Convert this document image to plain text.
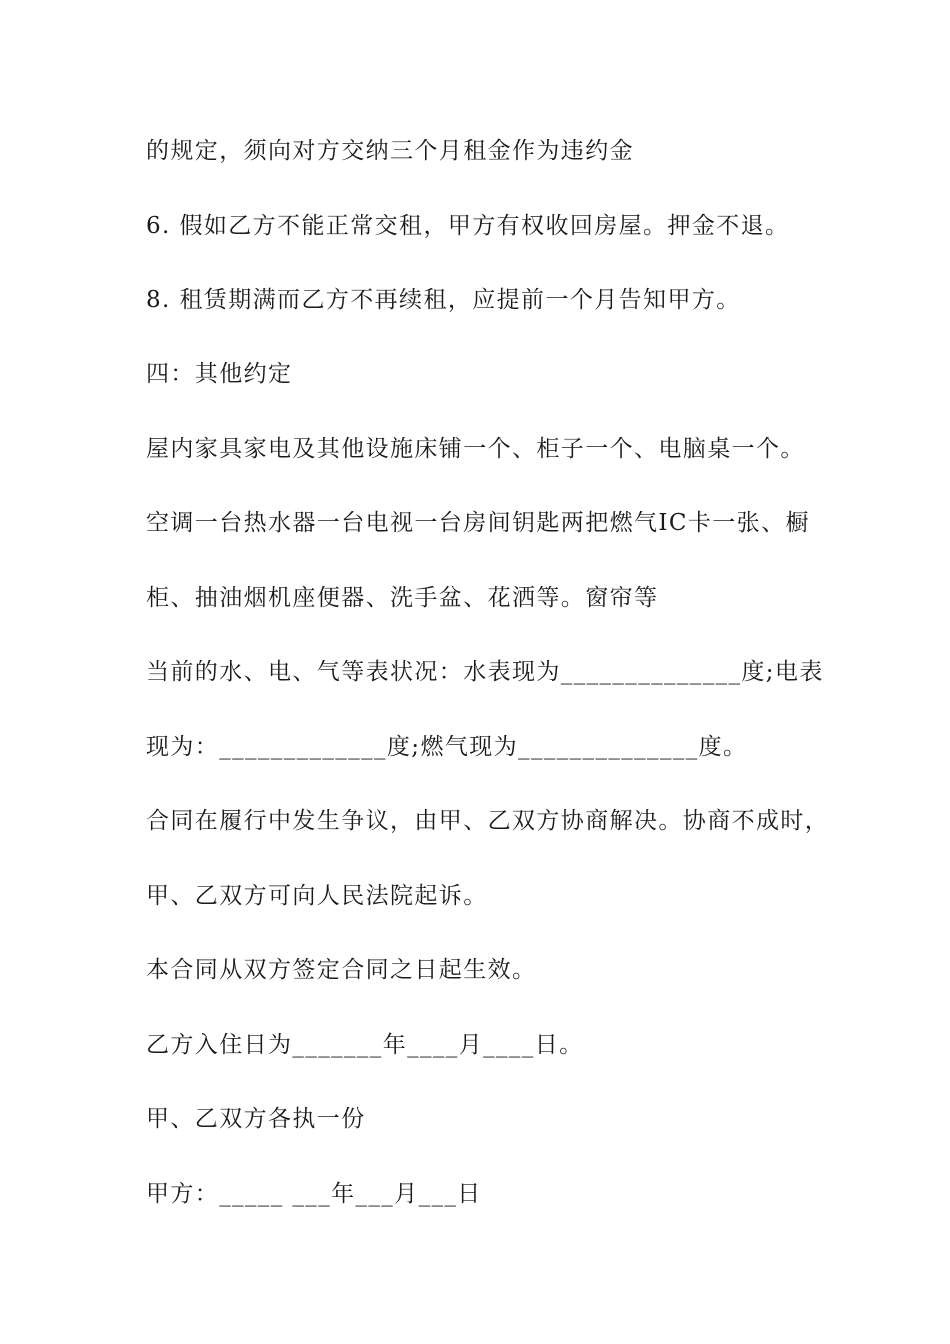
的规定，须向对方交纳三个月租金作为违约金
6. 假如乙方不能正常交租，甲方有权收回房屋。押金不退。
8. 租赁期满而乙方不再续租，应提前一个月告知甲方。
四：其他约定
屋内家具家电及其他设施床铺一个、柜子一个、电脑桌一个。
空调一台热水器一台电视一台房间钥匙两把燃气IC卡一张、橱
柜、抽油烟机座便器、洗手盆、花洒等。窗帘等
当前的水、电、气等表状况：水表现为______________度;电表
现为：_____________度;燃气现为______________度。
合同在履行中发生争议，由甲、乙双方协商解决。协商不成时，
甲、乙双方可向人民法院起诉。
本合同从双方签定合同之日起生效。
乙方入住日为_______年____月____日。
甲、乙双方各执一份
甲方：_____ ___年___月___日
